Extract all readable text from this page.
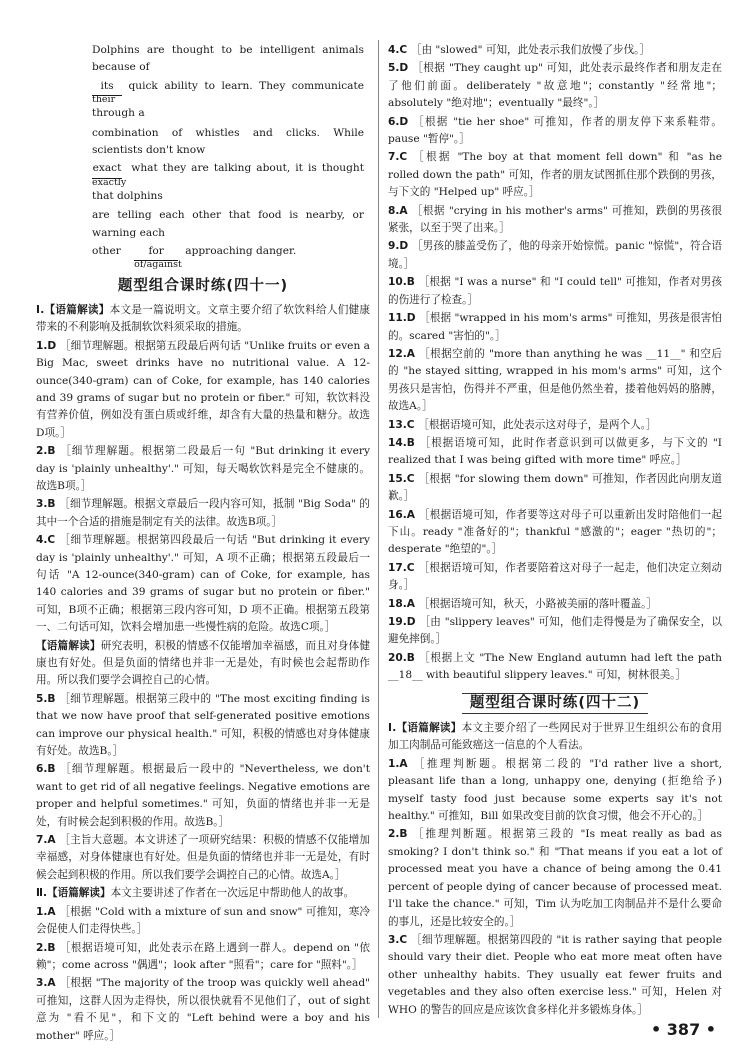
Dolphins are thought to be intelligent animals because of
its
their
quick ability to learn. They communicate through a
combination of whistles and clicks. While scientists don't know
exact
exactly
what they are talking about, it is thought that dolphins
are telling each other that food is nearby, or warning each
other	for
of/against
approaching danger.
题型组合课时练(四十一)
Ⅰ.【语篇解读】本文是一篇说明文。文章主要介绍了软饮料给人们健康带来的不利影响及抵制软饮料须采取的措施。
1.D ［细节理解题。根据第五段最后两句话 "Unlike fruits or even a Big Mac, sweet drinks have no nutritional value. A 12-ounce(340-gram) can of Coke, for example, has 140 calories and 39 grams of sugar but no protein or fiber." 可知，软饮料没有营养价值，例如没有蛋白质或纤维，却含有大量的热量和糖分。故选D项。］
2.B ［细节理解题。根据第二段最后一句 "But drinking it every day is 'plainly unhealthy'." 可知，每天喝软饮料是完全不健康的。故选B项。］
3.B ［细节理解题。根据文章最后一段内容可知，抵制 "Big Soda" 的其中一个合适的措施是制定有关的法律。故选B项。］
4.C ［细节理解题。根据第四段最后一句话 "But drinking it every day is 'plainly unhealthy'." 可知，A 项不正确；根据第五段最后一句话 "A 12-ounce(340-gram) can of Coke, for example, has 140 calories and 39 grams of sugar but no protein or fiber." 可知，B项不正确；根据第三段内容可知，D 项不正确。根据第五段第一、二句话可知，饮料会增加患一些慢性病的危险。故选C项。］
【语篇解读】研究表明，积极的情感不仅能增加幸福感，而且对身体健康也有好处。但是负面的情绪也并非一无是处，有时候也会起帮助作用。所以我们要学会调控自己的心情。
5.B ［细节理解题。根据第三段中的 "The most exciting finding is that we now have proof that self-generated positive emotions can improve our physical health." 可知，积极的情感也对身体健康有好处。故选B。］
6.B ［细节理解题。根据最后一段中的 "Nevertheless, we don't want to get rid of all negative feelings. Negative emotions are proper and helpful sometimes." 可知，负面的情绪也并非一无是处，有时候会起到积极的作用。故选B。］
7.A ［主旨大意题。本文讲述了一项研究结果：积极的情感不仅能增加幸福感，对身体健康也有好处。但是负面的情绪也并非一无是处，有时候会起到积极的作用。所以我们要学会调控自己的心情。故选A。］
Ⅱ.【语篇解读】本文主要讲述了作者在一次远足中帮助他人的故事。
1.A ［根据 "Cold with a mixture of sun and snow" 可推知，寒冷会促使人们走得快些。］
2.B ［根据语境可知，此处表示在路上遇到一群人。depend on "依赖"；come across "偶遇"；look after "照看"；care for "照料"。］
3.A ［根据 "The majority of the troop was quickly well ahead" 可推知，这群人因为走得快，所以很快就看不见他们了，out of sight 意为 "看不见"，和下文的 "Left behind were a boy and his mother" 呼应。］
4.C ［由 "slowed" 可知，此处表示我们放慢了步伐。］
5.D ［根据 "They caught up" 可知，此处表示最终作者和朋友走在了他们前面。deliberately "故意地"；constantly "经常地"；absolutely "绝对地"；eventually "最终"。］
6.D ［根据 "tie her shoe" 可推知，作者的朋友停下来系鞋带。pause "暂停"。］
7.C ［根据 "The boy at that moment fell down" 和 "as he rolled down the path" 可知，作者的朋友试图抓住那个跌倒的男孩，与下文的 "Helped up" 呼应。］
8.A ［根据 "crying in his mother's arms" 可推知，跌倒的男孩很紧张，以至于哭了出来。］
9.D ［男孩的膝盖受伤了，他的母亲开始惊慌。panic "惊慌"，符合语境。］
10.B ［根据 "I was a nurse" 和 "I could tell" 可推知，作者对男孩的伤进行了检查。］
11.D ［根据 "wrapped in his mom's arms" 可推知，男孩是很害怕的。scared "害怕的"。］
12.A ［根据空前的 "more than anything he was __11__" 和空后的 "he stayed sitting, wrapped in his mom's arms" 可知，这个男孩只是害怕，伤得并不严重，但是他仍然坐着，搂着他妈妈的胳膊，故选A。］
13.C ［根据语境可知，此处表示这对母子，是两个人。］
14.B ［根据语境可知，此时作者意识到可以做更多，与下文的 "I realized that I was being gifted with more time" 呼应。］
15.C ［根据 "for slowing them down" 可推知，作者因此向朋友道歉。］
16.A ［根据语境可知，作者要等这对母子可以重新出发时陪他们一起下山。ready "准备好的"；thankful "感激的"；eager "热切的"；desperate "绝望的"。］
17.C ［根据语境可知，作者要陪着这对母子一起走，他们决定立刻动身。］
18.A ［根据语境可知，秋天，小路被美丽的落叶覆盖。］
19.D ［由 "slippery leaves" 可知，他们走得慢是为了确保安全，以避免摔倒。］
20.B ［根据上文 "The New England autumn had left the path __18__ with beautiful slippery leaves." 可知，树林很美。］
题型组合课时练(四十二)
Ⅰ.【语篇解读】本文主要介绍了一些网民对于世界卫生组织公布的食用加工肉制品可能致癌这一信息的个人看法。
1.A ［推理判断题。根据第二段的 "I'd rather live a short, pleasant life than a long, unhappy one, denying (拒绝给予) myself tasty food just because some experts say it's not healthy." 可推知，Bill 如果改变目前的饮食习惯，他会不开心的。］
2.B ［推理判断题。根据第三段的 "Is meat really as bad as smoking? I don't think so." 和 "That means if you eat a lot of processed meat you have a chance of being among the 0.41 percent of people dying of cancer because of processed meat. I'll take the chance." 可知，Tim 认为吃加工肉制品并不是什么要命的事儿，还是比较安全的。］
3.C ［细节理解题。根据第四段的 "it is rather saying that people should vary their diet. People who eat more meat often have other unhealthy habits. They usually eat fewer fruits and vegetables and they also often exercise less." 可知，Helen 对 WHO 的警告的回应是应该饮食多样化并多锻炼身体。］
• 387 •
